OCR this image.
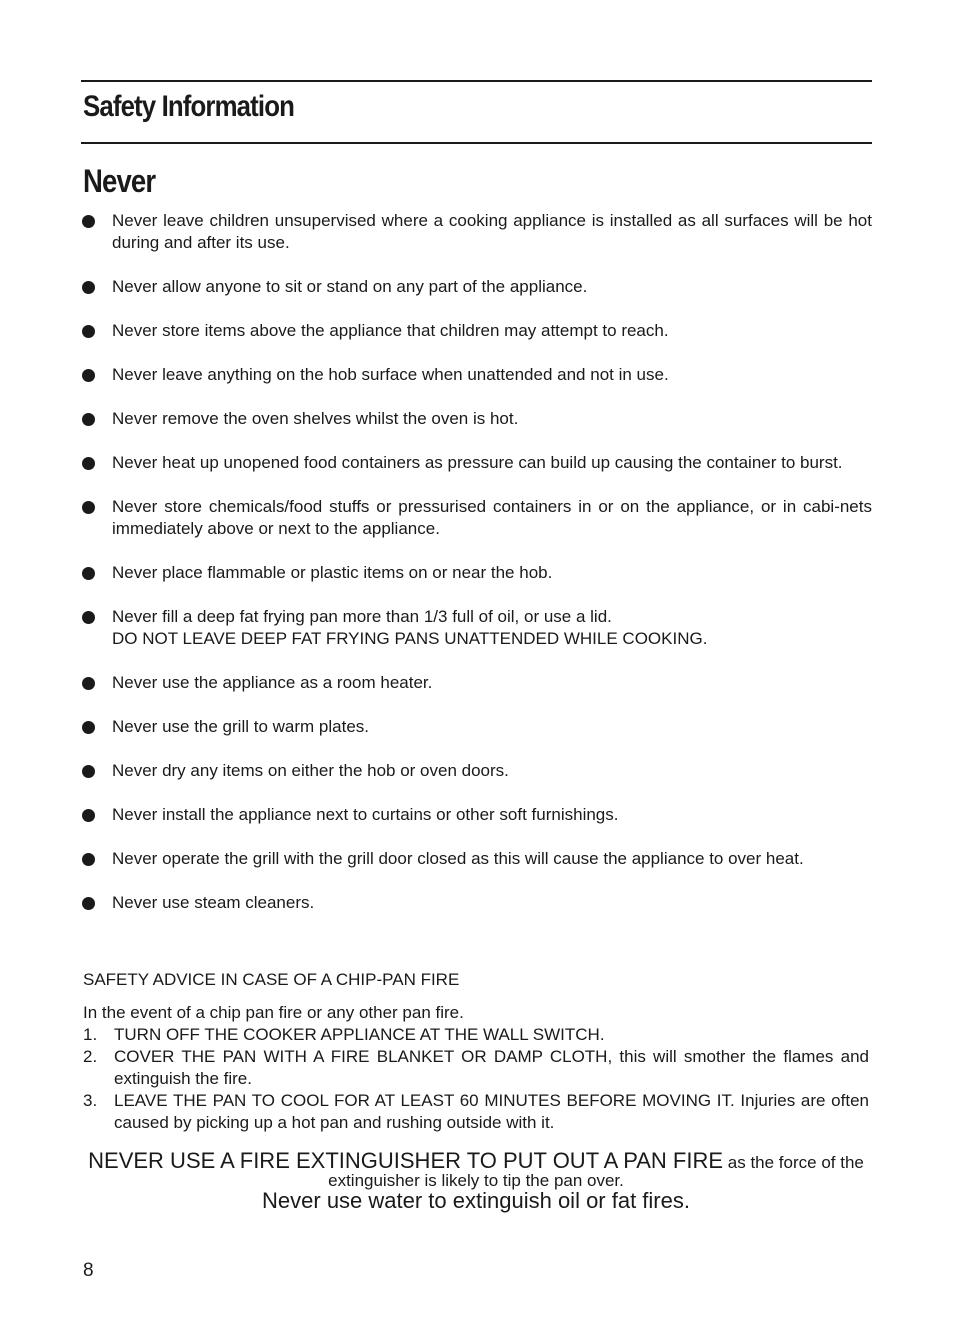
Safety Information
Never
Never leave children unsupervised where a cooking appliance is installed as all surfaces will be hot during and after its use.
Never allow anyone to sit or stand on any part of the appliance.
Never store items above the appliance that children may attempt to reach.
Never leave anything on the hob surface when unattended and not in use.
Never remove the oven shelves whilst the oven is hot.
Never heat up unopened food containers as pressure can build up causing the container to burst.
Never store chemicals/food stuffs or pressurised containers in or on the appliance, or in cabi-nets immediately above or next to the appliance.
Never place flammable or plastic items on or near the hob.
Never fill a deep fat frying pan more than 1/3 full of oil, or use a lid.
DO NOT LEAVE DEEP FAT FRYING PANS UNATTENDED WHILE COOKING.
Never use the appliance as a room heater.
Never use the grill to warm plates.
Never dry any items on either the hob or oven doors.
Never install the appliance next to curtains or other soft furnishings.
Never operate the grill with the grill door closed as this will cause the appliance to over heat.
Never use steam cleaners.

SAFETY ADVICE IN CASE OF A CHIP-PAN FIRE

In the event of a chip pan fire or any other pan fire.

1. TURN OFF THE COOKER APPLIANCE AT THE WALL SWITCH.
2. COVER THE PAN WITH A FIRE BLANKET OR DAMP CLOTH, this will smother the flames and extinguish the fire.
3. LEAVE THE PAN TO COOL FOR AT LEAST 60 MINUTES BEFORE MOVING IT. Injuries are often caused by picking up a hot pan and rushing outside with it.
NEVER USE A FIRE EXTINGUISHER TO PUT OUT A PAN FIRE as the force of the
extinguisher is likely to tip the pan over.
Never use water to extinguish oil or fat fires.
8
